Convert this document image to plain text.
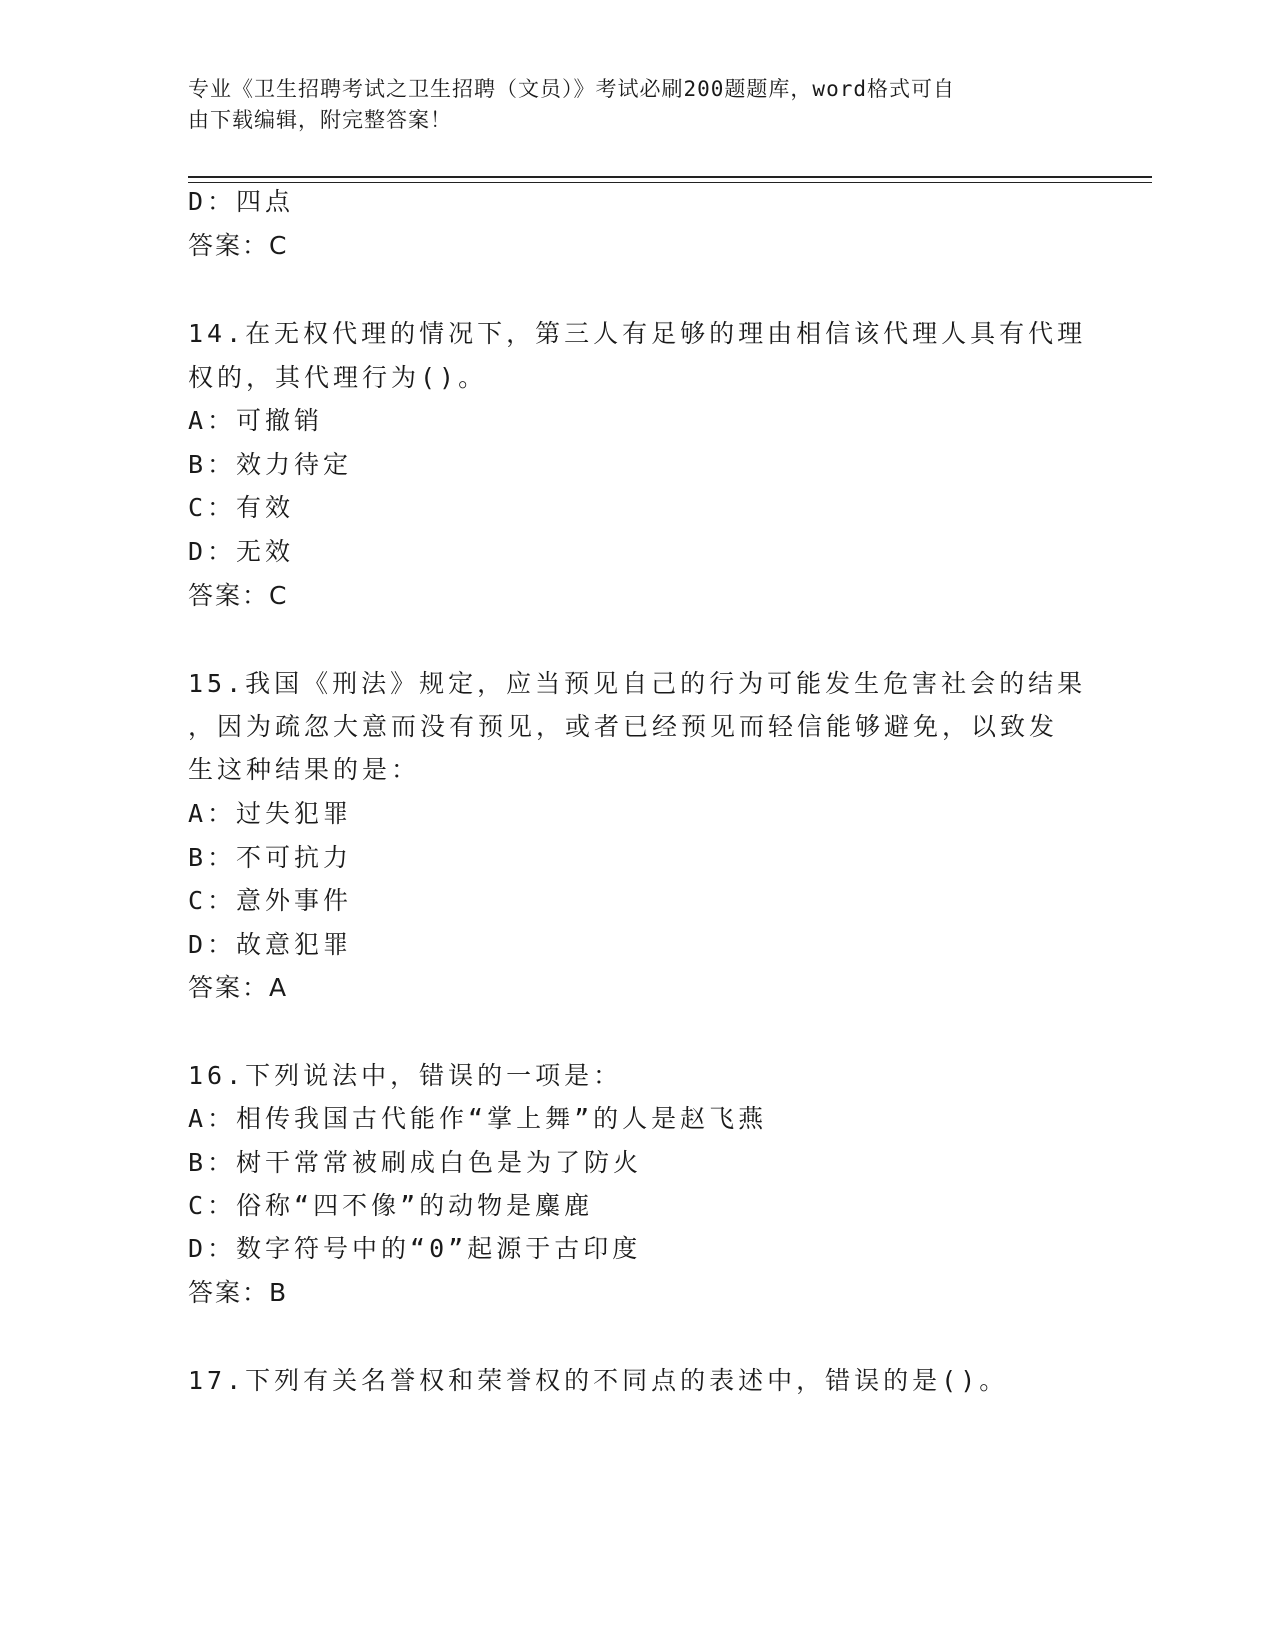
专业《卫生招聘考试之卫生招聘（文员）》考试必刷200题题库，word格式可自
由下载编辑，附完整答案！
D：四点
答案：C
14.在无权代理的情况下，第三人有足够的理由相信该代理人具有代理
权的，其代理行为()。
A：可撤销
B：效力待定
C：有效
D：无效
答案：C
15.我国《刑法》规定，应当预见自己的行为可能发生危害社会的结果
，因为疏忽大意而没有预见，或者已经预见而轻信能够避免，以致发
生这种结果的是：
A：过失犯罪
B：不可抗力
C：意外事件
D：故意犯罪
答案：A
16.下列说法中，错误的一项是：
A：相传我国古代能作“掌上舞”的人是赵飞燕
B：树干常常被刷成白色是为了防火
C：俗称“四不像”的动物是麋鹿
D：数字符号中的“0”起源于古印度
答案：B
17.下列有关名誉权和荣誉权的不同点的表述中，错误的是()。
